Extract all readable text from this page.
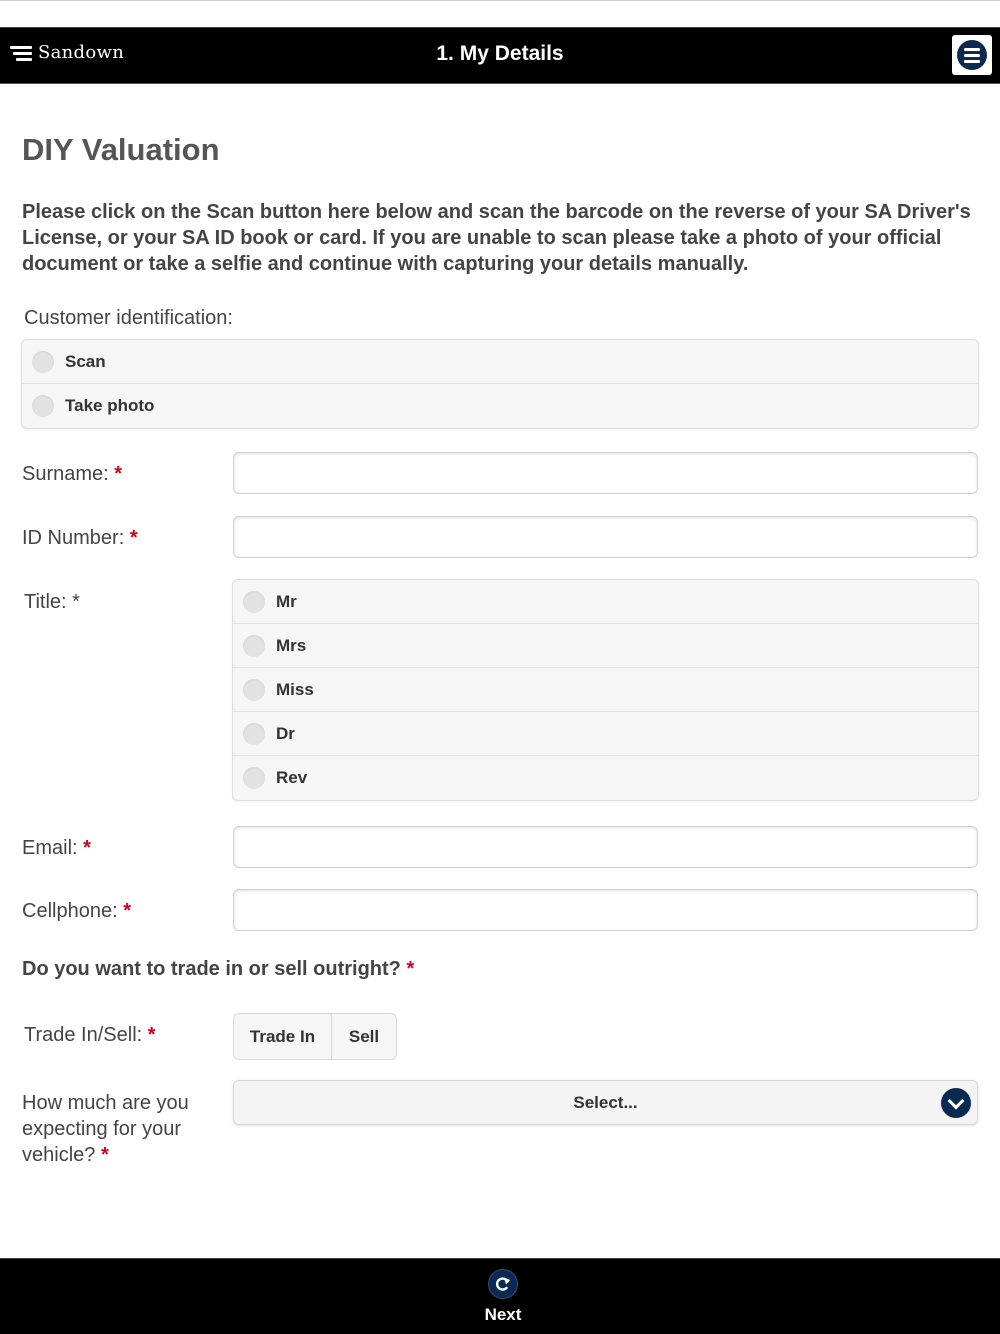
Sandown	1. My Details
DIY Valuation

Please click on the Scan button here below and scan the barcode on the reverse of your SA Driver's License, or your SA ID book or card. If you are unable to scan please take a photo of your official document or take a selfie and continue with capturing your details manually.

Customer identification:
Scan
Take photo
Surname: *
ID Number: *
Title: *	Mr
Mrs
Miss
Dr
Rev
Email: *
Cellphone: *
Do you want to trade in or sell outright? *
Trade In/Sell: *	Trade In	Sell
How much are you expecting for your vehicle? *
Select...
Next
